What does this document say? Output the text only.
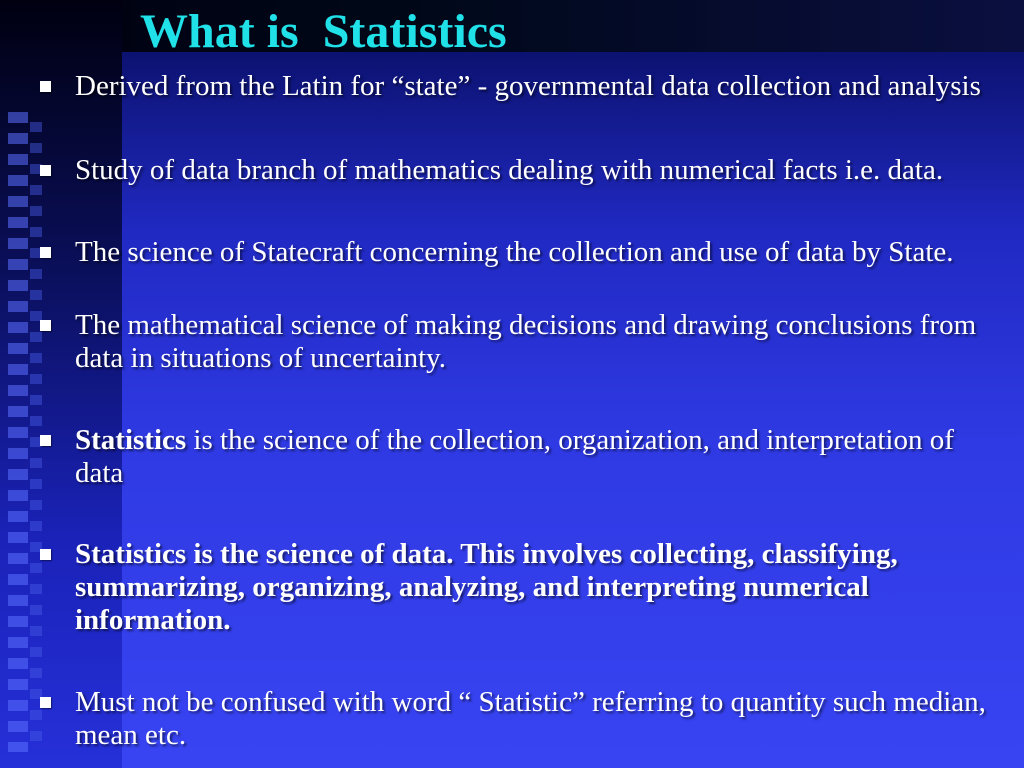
What is  Statistics
Derived from the Latin for “state” - governmental data collection and analysis
Study of data branch of mathematics dealing with numerical facts i.e. data.
The science of Statecraft concerning the collection and use of data by State.
The mathematical science of making decisions and drawing conclusions from data in situations of uncertainty.
Statistics is the science of the collection, organization, and interpretation of data
Statistics is the science of data. This involves collecting, classifying, summarizing, organizing, analyzing, and interpreting numerical information.
Must not be confused with word “ Statistic” referring to quantity such median, mean etc.
